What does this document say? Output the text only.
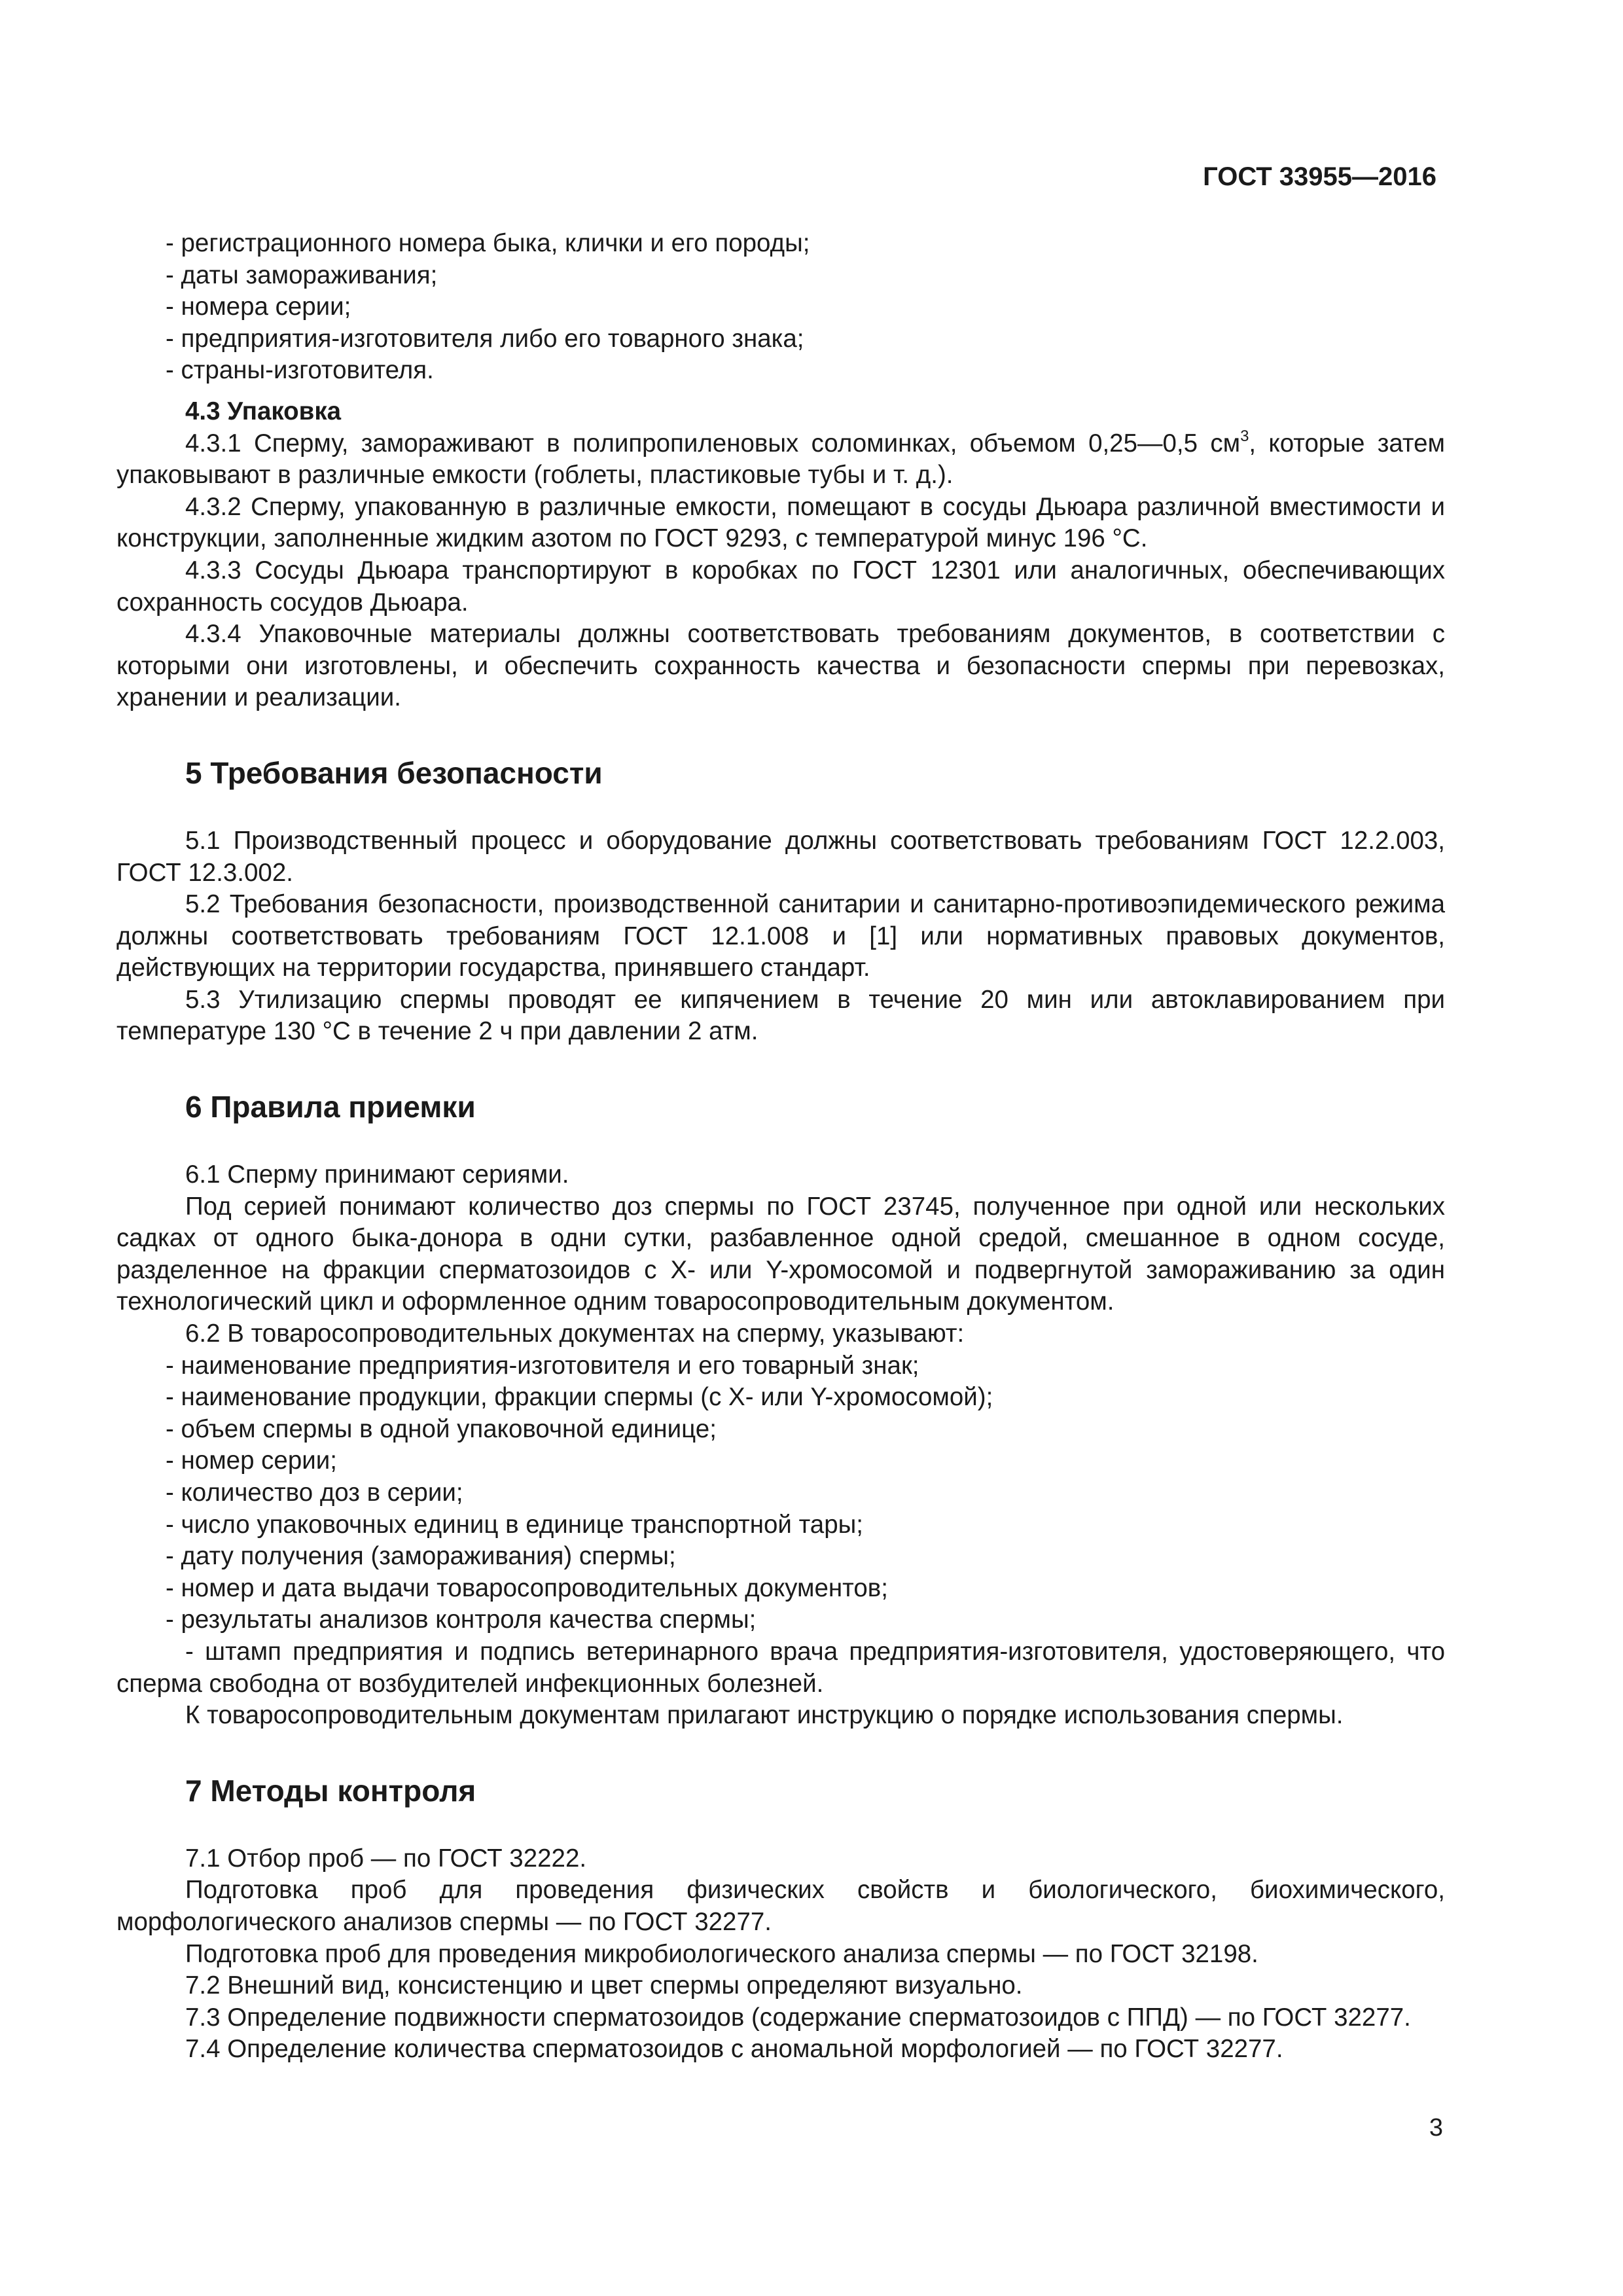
ГОСТ 33955—2016

- регистрационного номера быка, клички и его породы;

- даты замораживания;

- номера серии;

- предприятия-изготовителя либо его товарного знака;

- страны-изготовителя.

4.3 Упаковка

4.3.1 Сперму, замораживают в полипропиленовых соломинках, объемом 0,25—0,5 $см^3$, которые затем упаковывают в различные емкости (гоблеты, пластиковые тубы и т. д.).

4.3.2 Сперму, упакованную в различные емкости, помещают в сосуды Дьюара различной вместимости и конструкции, заполненные жидким азотом по ГОСТ 9293, с температурой минус 196 °С.

4.3.3 Сосуды Дьюара транспортируют в коробках по ГОСТ 12301 или аналогичных, обеспечивающих сохранность сосудов Дьюара.

4.3.4 Упаковочные материалы должны соответствовать требованиям документов, в соответствии с которыми они изготовлены, и обеспечить сохранность качества и безопасности спермы при перевозках, хранении и реализации.

5 Требования безопасности

5.1 Производственный процесс и оборудование должны соответствовать требованиям ГОСТ 12.2.003, ГОСТ 12.3.002.

5.2 Требования безопасности, производственной санитарии и санитарно-противоэпидемического режима должны соответствовать требованиям ГОСТ 12.1.008 и [1] или нормативных правовых документов, действующих на территории государства, принявшего стандарт.

5.3 Утилизацию спермы проводят ее кипячением в течение 20 мин или автоклавированием при температуре 130 °С в течение 2 ч при давлении 2 атм.

6 Правила приемки

6.1 Сперму принимают сериями.

Под серией понимают количество доз спермы по ГОСТ 23745, полученное при одной или нескольких садках от одного быка-донора в одни сутки, разбавленное одной средой, смешанное в одном сосуде, разделенное на фракции сперматозоидов с Х- или Y-хромосомой и подвергнутой замораживанию за один технологический цикл и оформленное одним товаросопроводительным документом.

6.2 В товаросопроводительных документах на сперму, указывают:

- наименование предприятия-изготовителя и его товарный знак;

- наименование продукции, фракции спермы (с Х- или Y-хромосомой);

- объем спермы в одной упаковочной единице;

- номер серии;

- количество доз в серии;

- число упаковочных единиц в единице транспортной тары;

- дату получения (замораживания) спермы;

- номер и дата выдачи товаросопроводительных документов;

- результаты анализов контроля качества спермы;

- штамп предприятия и подпись ветеринарного врача предприятия-изготовителя, удостоверяющего, что сперма свободна от возбудителей инфекционных болезней.

К товаросопроводительным документам прилагают инструкцию о порядке использования спермы.

7 Методы контроля

7.1 Отбор проб — по ГОСТ 32222.

Подготовка проб для проведения физических свойств и биологического, биохимического, морфологического анализов спермы — по ГОСТ 32277.

Подготовка проб для проведения микробиологического анализа спермы — по ГОСТ 32198.

7.2 Внешний вид, консистенцию и цвет спермы определяют визуально.

7.3 Определение подвижности сперматозоидов (содержание сперматозоидов с ППД) — по ГОСТ 32277.

7.4 Определение количества сперматозоидов с аномальной морфологией — по ГОСТ 32277.

3
